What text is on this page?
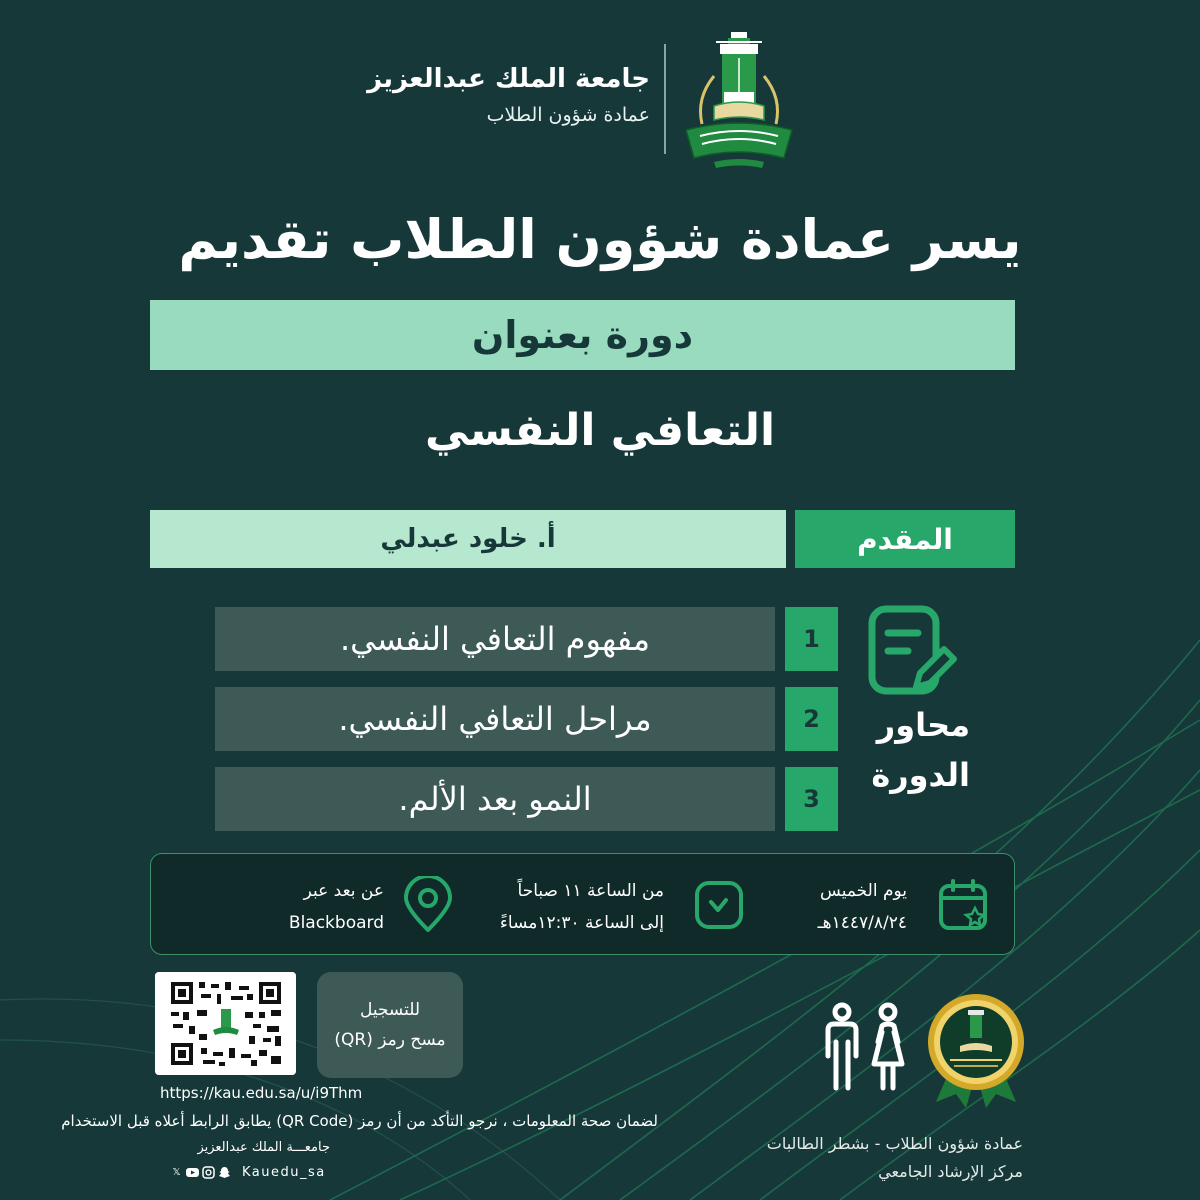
جامعة الملك عبدالعزيز
عمادة شؤون الطلاب
يسر عمادة شؤون الطلاب تقديم
دورة بعنوان
التعافي النفسي
أ. خلود عبدلي	المقدم
1
مفهوم التعافي النفسي.
2
مراحل التعافي النفسي.
3
النمو بعد الألم.
محاور
الدورة
يوم الخميس
١٤٤٧/٨/٢٤هـ
من الساعة ١١ صباحاً
إلى الساعة ١٢:٣٠مساءً
عن بعد عبر
Blackboard
للتسجيل
مسح رمز (QR)
https://kau.edu.sa/u/i9Thm
لضمان صحة المعلومات ، نرجو التأكد من أن رمز (QR Code) يطابق الرابط أعلاه قبل الاستخدام
جامعـــة الملك عبدالعزيز
𝕏	Kauedu_sa
عمادة شؤون الطلاب - بشطر الطالبات
مركز الإرشاد الجامعي
